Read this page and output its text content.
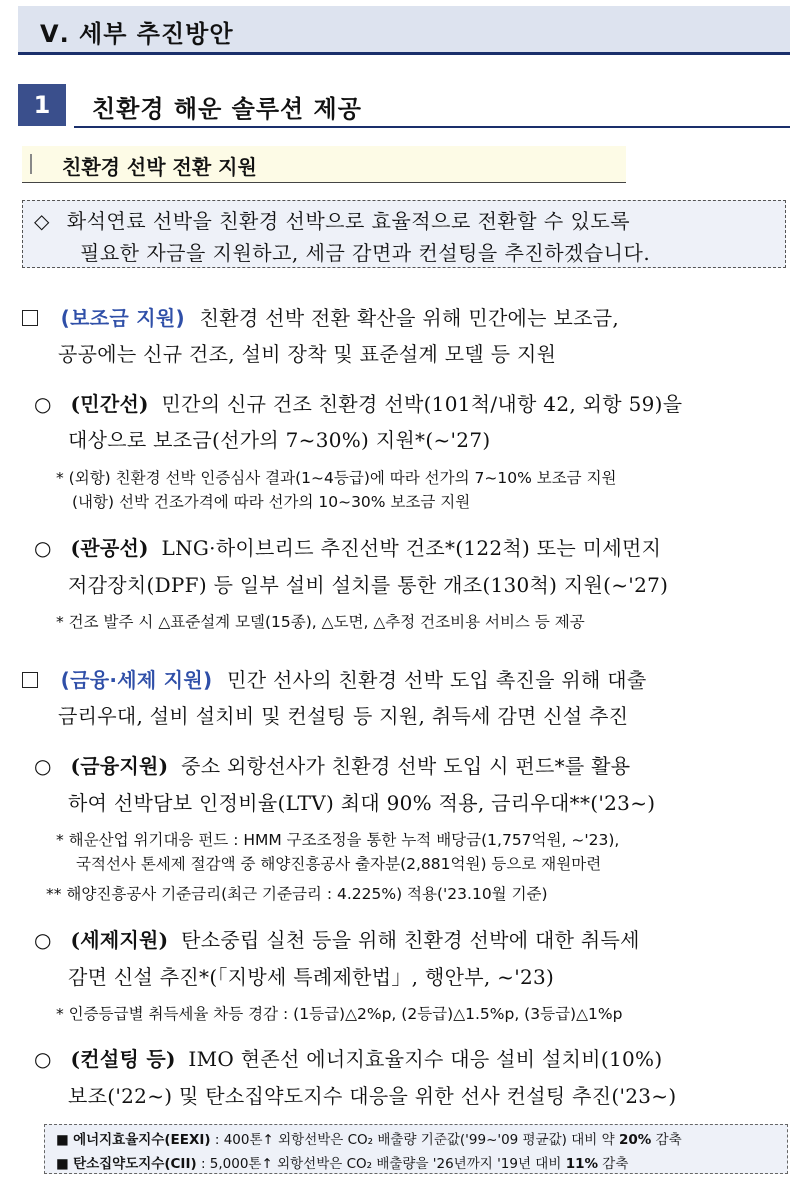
Ⅴ. 세부 추진방안
1	친환경 해운 솔루션 제공
친환경 선박 전환 지원
◇ 화석연료 선박을 친환경 선박으로 효율적으로 전환할 수 있도록
필요한 자금을 지원하고, 세금 감면과 컨설팅을 추진하겠습니다.
(보조금 지원) 친환경 선박 전환 확산을 위해 민간에는 보조금,
공공에는 신규 건조, 설비 장착 및 표준설계 모델 등 지원
○ (민간선) 민간의 신규 건조 친환경 선박(101척/내항 42, 외항 59)을
대상으로 보조금(선가의 7~30%) 지원*(~'27)
* (외항) 친환경 선박 인증심사 결과(1~4등급)에 따라 선가의 7~10% 보조금 지원
(내항) 선박 건조가격에 따라 선가의 10~30% 보조금 지원
○ (관공선) LNG·하이브리드 추진선박 건조*(122척) 또는 미세먼지
저감장치(DPF) 등 일부 설비 설치를 통한 개조(130척) 지원(~'27)
* 건조 발주 시 △표준설계 모델(15종), △도면, △추정 건조비용 서비스 등 제공
(금융·세제 지원) 민간 선사의 친환경 선박 도입 촉진을 위해 대출
금리우대, 설비 설치비 및 컨설팅 등 지원, 취득세 감면 신설 추진
○ (금융지원) 중소 외항선사가 친환경 선박 도입 시 펀드*를 활용
하여 선박담보 인정비율(LTV) 최대 90% 적용, 금리우대**('23~)
* 해운산업 위기대응 펀드 : HMM 구조조정을 통한 누적 배당금(1,757억원, ~'23),
국적선사 톤세제 절감액 중 해양진흥공사 출자분(2,881억원) 등으로 재원마련
** 해양진흥공사 기준금리(최근 기준금리 : 4.225%) 적용('23.10월 기준)
○ (세제지원) 탄소중립 실천 등을 위해 친환경 선박에 대한 취득세
감면 신설 추진*(「지방세 특례제한법」, 행안부, ~'23)
* 인증등급별 취득세율 차등 경감 : (1등급)△2%p, (2등급)△1.5%p, (3등급)△1%p
○ (컨설팅 등) IMO 현존선 에너지효율지수 대응 설비 설치비(10%)
보조('22~) 및 탄소집약도지수 대응을 위한 선사 컨설팅 추진('23~)
■ 에너지효율지수(EEXI) : 400톤↑ 외항선박은 CO₂ 배출량 기준값('99~'09 평균값) 대비 약 20% 감축
■ 탄소집약도지수(CII) : 5,000톤↑ 외항선박은 CO₂ 배출량을 '26년까지 '19년 대비 11% 감축
